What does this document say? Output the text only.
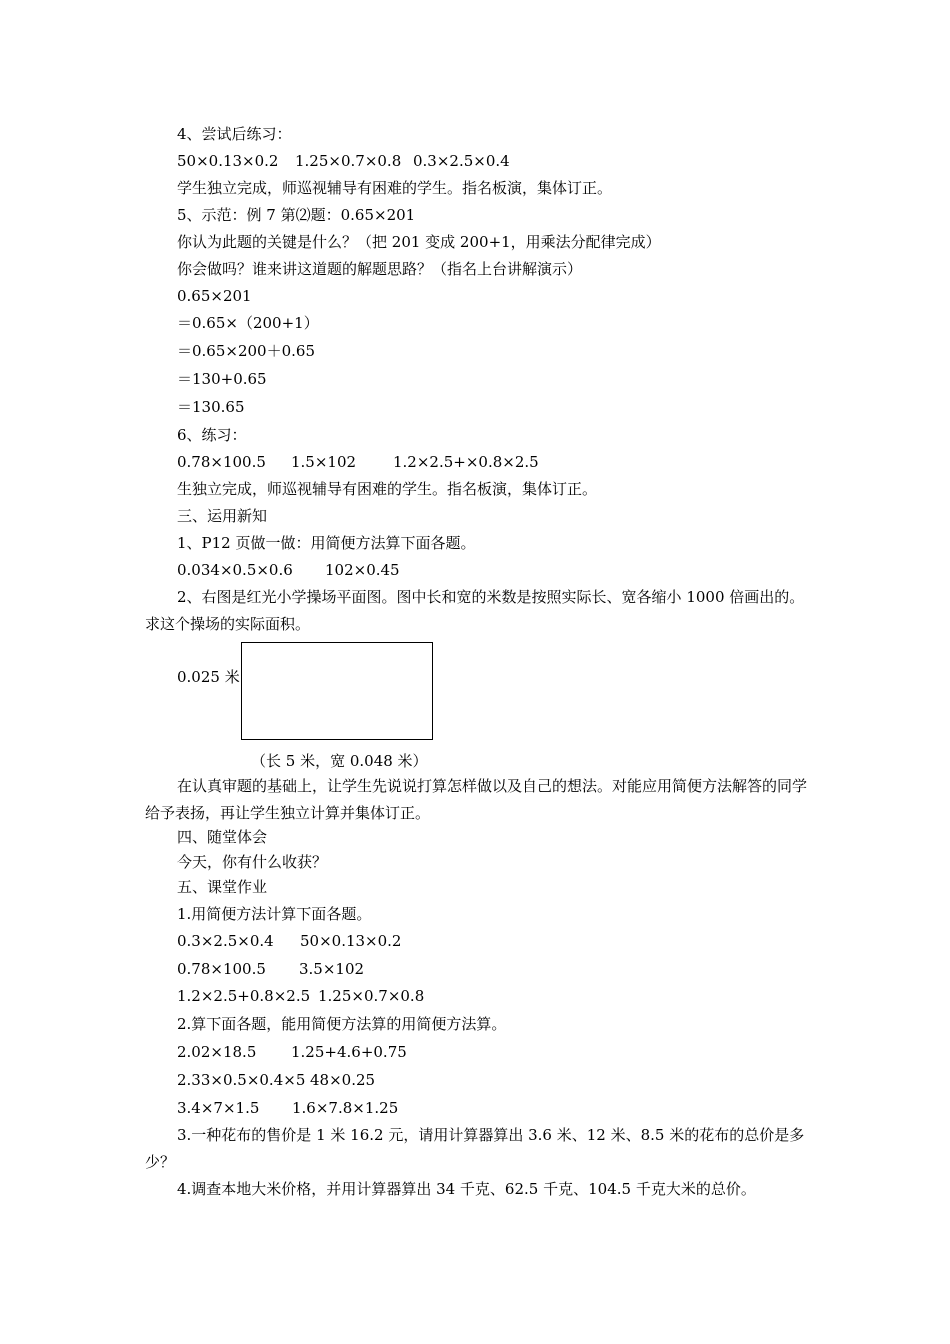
4、尝试后练习：
50×0.13×0.2 1.25×0.7×0.8 0.3×2.5×0.4
学生独立完成，师巡视辅导有困难的学生。指名板演，集体订正。
5、示范：例 7 第⑵题：0.65×201
你认为此题的关键是什么？（把 201 变成 200+1，用乘法分配律完成）
你会做吗？谁来讲这道题的解题思路？（指名上台讲解演示）
0.65×201
＝0.65×（200+1）
＝0.65×200＋0.65
＝130+0.65
＝130.65
6、练习：
0.78×100.5 1.5×102 1.2×2.5+×0.8×2.5
生独立完成，师巡视辅导有困难的学生。指名板演，集体订正。
三、运用新知
1、P12 页做一做：用简便方法算下面各题。
0.034×0.5×0.6 102×0.45
2、右图是红光小学操场平面图。图中长和宽的米数是按照实际长、宽各缩小 1000 倍画出的。求这个操场的实际面积。
0.025 米
（长 5 米，宽 0.048 米）
在认真审题的基础上，让学生先说说打算怎样做以及自己的想法。对能应用简便方法解答的同学给予表扬，再让学生独立计算并集体订正。
四、随堂体会
今天，你有什么收获？
五、课堂作业
1.用简便方法计算下面各题。
0.3×2.5×0.4 50×0.13×0.2
0.78×100.5 3.5×102
1.2×2.5+0.8×2.5 1.25×0.7×0.8
2.算下面各题，能用简便方法算的用简便方法算。
2.02×18.5 1.25+4.6+0.75
2.33×0.5×0.4×5 48×0.25
3.4×7×1.5 1.6×7.8×1.25
3.一种花布的售价是 1 米 16.2 元，请用计算器算出 3.6 米、12 米、8.5 米的花布的总价是多少？
4.调查本地大米价格，并用计算器算出 34 千克、62.5 千克、104.5 千克大米的总价。
